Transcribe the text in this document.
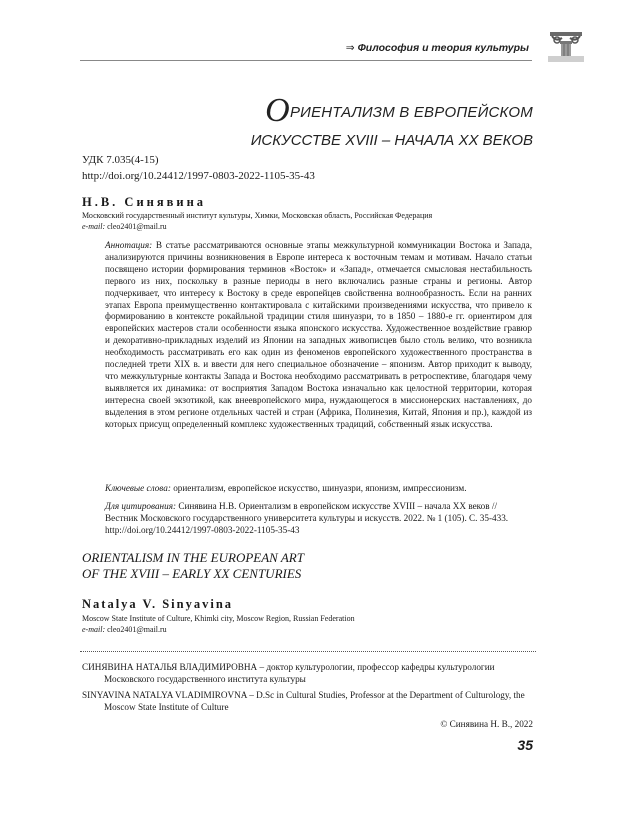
⇒ Философия и теория культуры
ОРИЕНТАЛИЗМ В ЕВРОПЕЙСКОМ
ИСКУССТВЕ XVIII – НАЧАЛА XX ВЕКОВ
УДК 7.035(4-15)
http://doi.org/10.24412/1997-0803-2022-1105-35-43
Н.В. Синявина
Московский государственный институт культуры, Химки, Московская область, Российская Федерация
e-mail: cleo2401@mail.ru
Аннотация: В статье рассматриваются основные этапы межкультурной коммуникации Востока и Запада, анализируются причины возникновения в Европе интереса к восточным темам и мотивам. Начало статьи посвящено истории формирования терминов «Восток» и «Запад», отмечается смысловая нестабильность первого из них, поскольку в разные периоды в него включались разные страны и регионы. Автор подчеркивает, что интересу к Востоку в среде европейцев свойственна волнообразность. Если на ранних этапах Европа преимущественно контактировала с китайскими произведениями искусства, что привело к формированию в контексте рокайльной традиции стиля шинуазри, то в 1850 – 1880-е гг. ориентиром для европейских мастеров стали особенности языка японского искусства. Художественное воздействие гравюр и декоративно-прикладных изделий из Японии на западных живописцев было столь велико, что возникла необходимость рассматривать его как один из феноменов европейского художественного пространства в последней трети XIX в. и ввести для него специальное обозначение – японизм. Автор приходит к выводу, что межкультурные контакты Запада и Востока необходимо рассматривать в ретроспективе, благодаря чему выявляется их динамика: от восприятия Западом Востока изначально как целостной территории, которая интересна своей экзотикой, как внеевропейского мира, нуждающегося в миссионерских наставлениях, до выделения в этом регионе отдельных частей и стран (Африка, Полинезия, Китай, Япония и пр.), каждой из которых присущ определенный комплекс художественных традиций, собственный язык искусства.
Ключевые слова: ориентализм, европейское искусство, шинуазри, японизм, импрессионизм.
Для цитирования: Синявина Н.В. Ориентализм в европейском искусстве XVIII – начала XX веков // Вестник Московского государственного университета культуры и искусств. 2022. № 1 (105). С. 35-433. http://doi.org/10.24412/1997-0803-2022-1105-35-43
ORIENTALISM IN THE EUROPEAN ART
OF THE XVIII – EARLY XX CENTURIES
Natalya V. Sinyavina
Moscow State Institute of Culture, Khimki city, Moscow Region, Russian Federation
e-mail: cleo2401@mail.ru
СИНЯВИНА НАТАЛЬЯ ВЛАДИМИРОВНА – доктор культурологии, профессор кафедры культурологии Московского государственного института культуры
SINYAVINA NATALYA VLADIMIROVNA – D.Sc in Cultural Studies, Professor at the Department of Culturology, the Moscow State Institute of Culture
© Синявина Н. В., 2022
35
